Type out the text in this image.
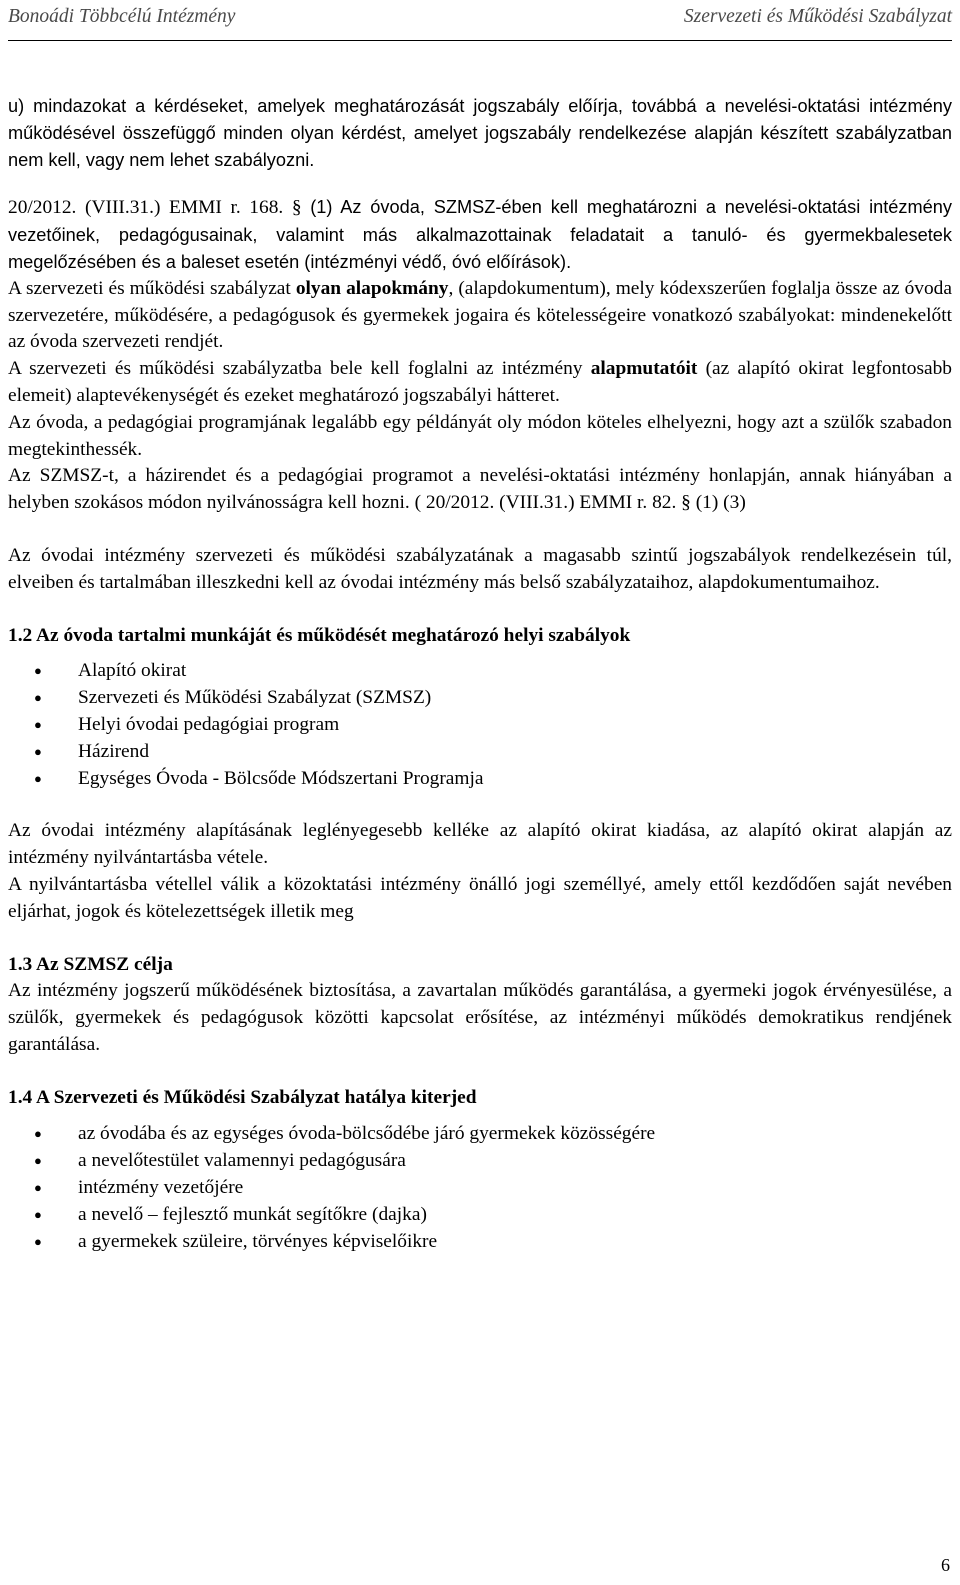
Bonoádi Többcélú Intézmény	Szervezeti és Működési Szabályzat

u) mindazokat a kérdéseket, amelyek meghatározását jogszabály előírja, továbbá a nevelési-oktatási intézmény működésével összefüggő minden olyan kérdést, amelyet jogszabály rendelkezése alapján készített szabályzatban nem kell, vagy nem lehet szabályozni.

20/2012. (VIII.31.) EMMI r. 168. § (1) Az óvoda, SZMSZ-ében kell meghatározni a nevelési-oktatási intézmény vezetőinek, pedagógusainak, valamint más alkalmazottainak feladatait a tanuló- és gyermekbalesetek megelőzésében és a baleset esetén (intézményi védő, óvó előírások).

A szervezeti és működési szabályzat olyan alapokmány, (alapdokumentum), mely kódexszerűen foglalja össze az óvoda szervezetére, működésére, a pedagógusok és gyermekek jogaira és kötelességeire vonatkozó szabályokat: mindenekelőtt az óvoda szervezeti rendjét.

A szervezeti és működési szabályzatba bele kell foglalni az intézmény alapmutatóit (az alapító okirat legfontosabb elemeit) alaptevékenységét és ezeket meghatározó jogszabályi hátteret.

Az óvoda, a pedagógiai programjának legalább egy példányát oly módon köteles elhelyezni, hogy azt a szülők szabadon megtekinthessék.

Az SZMSZ-t, a házirendet és a pedagógiai programot a nevelési-oktatási intézmény honlapján, annak hiányában a helyben szokásos módon nyilvánosságra kell hozni. ( 20/2012. (VIII.31.) EMMI r. 82. § (1) (3)

Az óvodai intézmény szervezeti és működési szabályzatának a magasabb szintű jogszabályok rendelkezésein túl, elveiben és tartalmában illeszkedni kell az óvodai intézmény más belső szabályzataihoz, alapdokumentumaihoz.

1.2 Az óvoda tartalmi munkáját és működését meghatározó helyi szabályok
● Alapító okirat
● Szervezeti és Működési Szabályzat (SZMSZ)
● Helyi óvodai pedagógiai program
● Házirend
● Egységes Óvoda - Bölcsőde Módszertani Programja

Az óvodai intézmény alapításának leglényegesebb kelléke az alapító okirat kiadása, az alapító okirat alapján az intézmény nyilvántartásba vétele.

A nyilvántartásba vétellel válik a közoktatási intézmény önálló jogi személlyé, amely ettől kezdődően saját nevében eljárhat, jogok és kötelezettségek illetik meg

1.3 Az SZMSZ célja

Az intézmény jogszerű működésének biztosítása, a zavartalan működés garantálása, a gyermeki jogok érvényesülése, a szülők, gyermekek és pedagógusok közötti kapcsolat erősítése, az intézményi működés demokratikus rendjének garantálása.

1.4 A Szervezeti és Működési Szabályzat hatálya kiterjed
● az óvodába és az egységes óvoda-bölcsődébe járó gyermekek közösségére
● a nevelőtestület valamennyi pedagógusára
● intézmény vezetőjére
● a nevelő – fejlesztő munkát segítőkre (dajka)
● a gyermekek szüleire, törvényes képviselőikre
6
